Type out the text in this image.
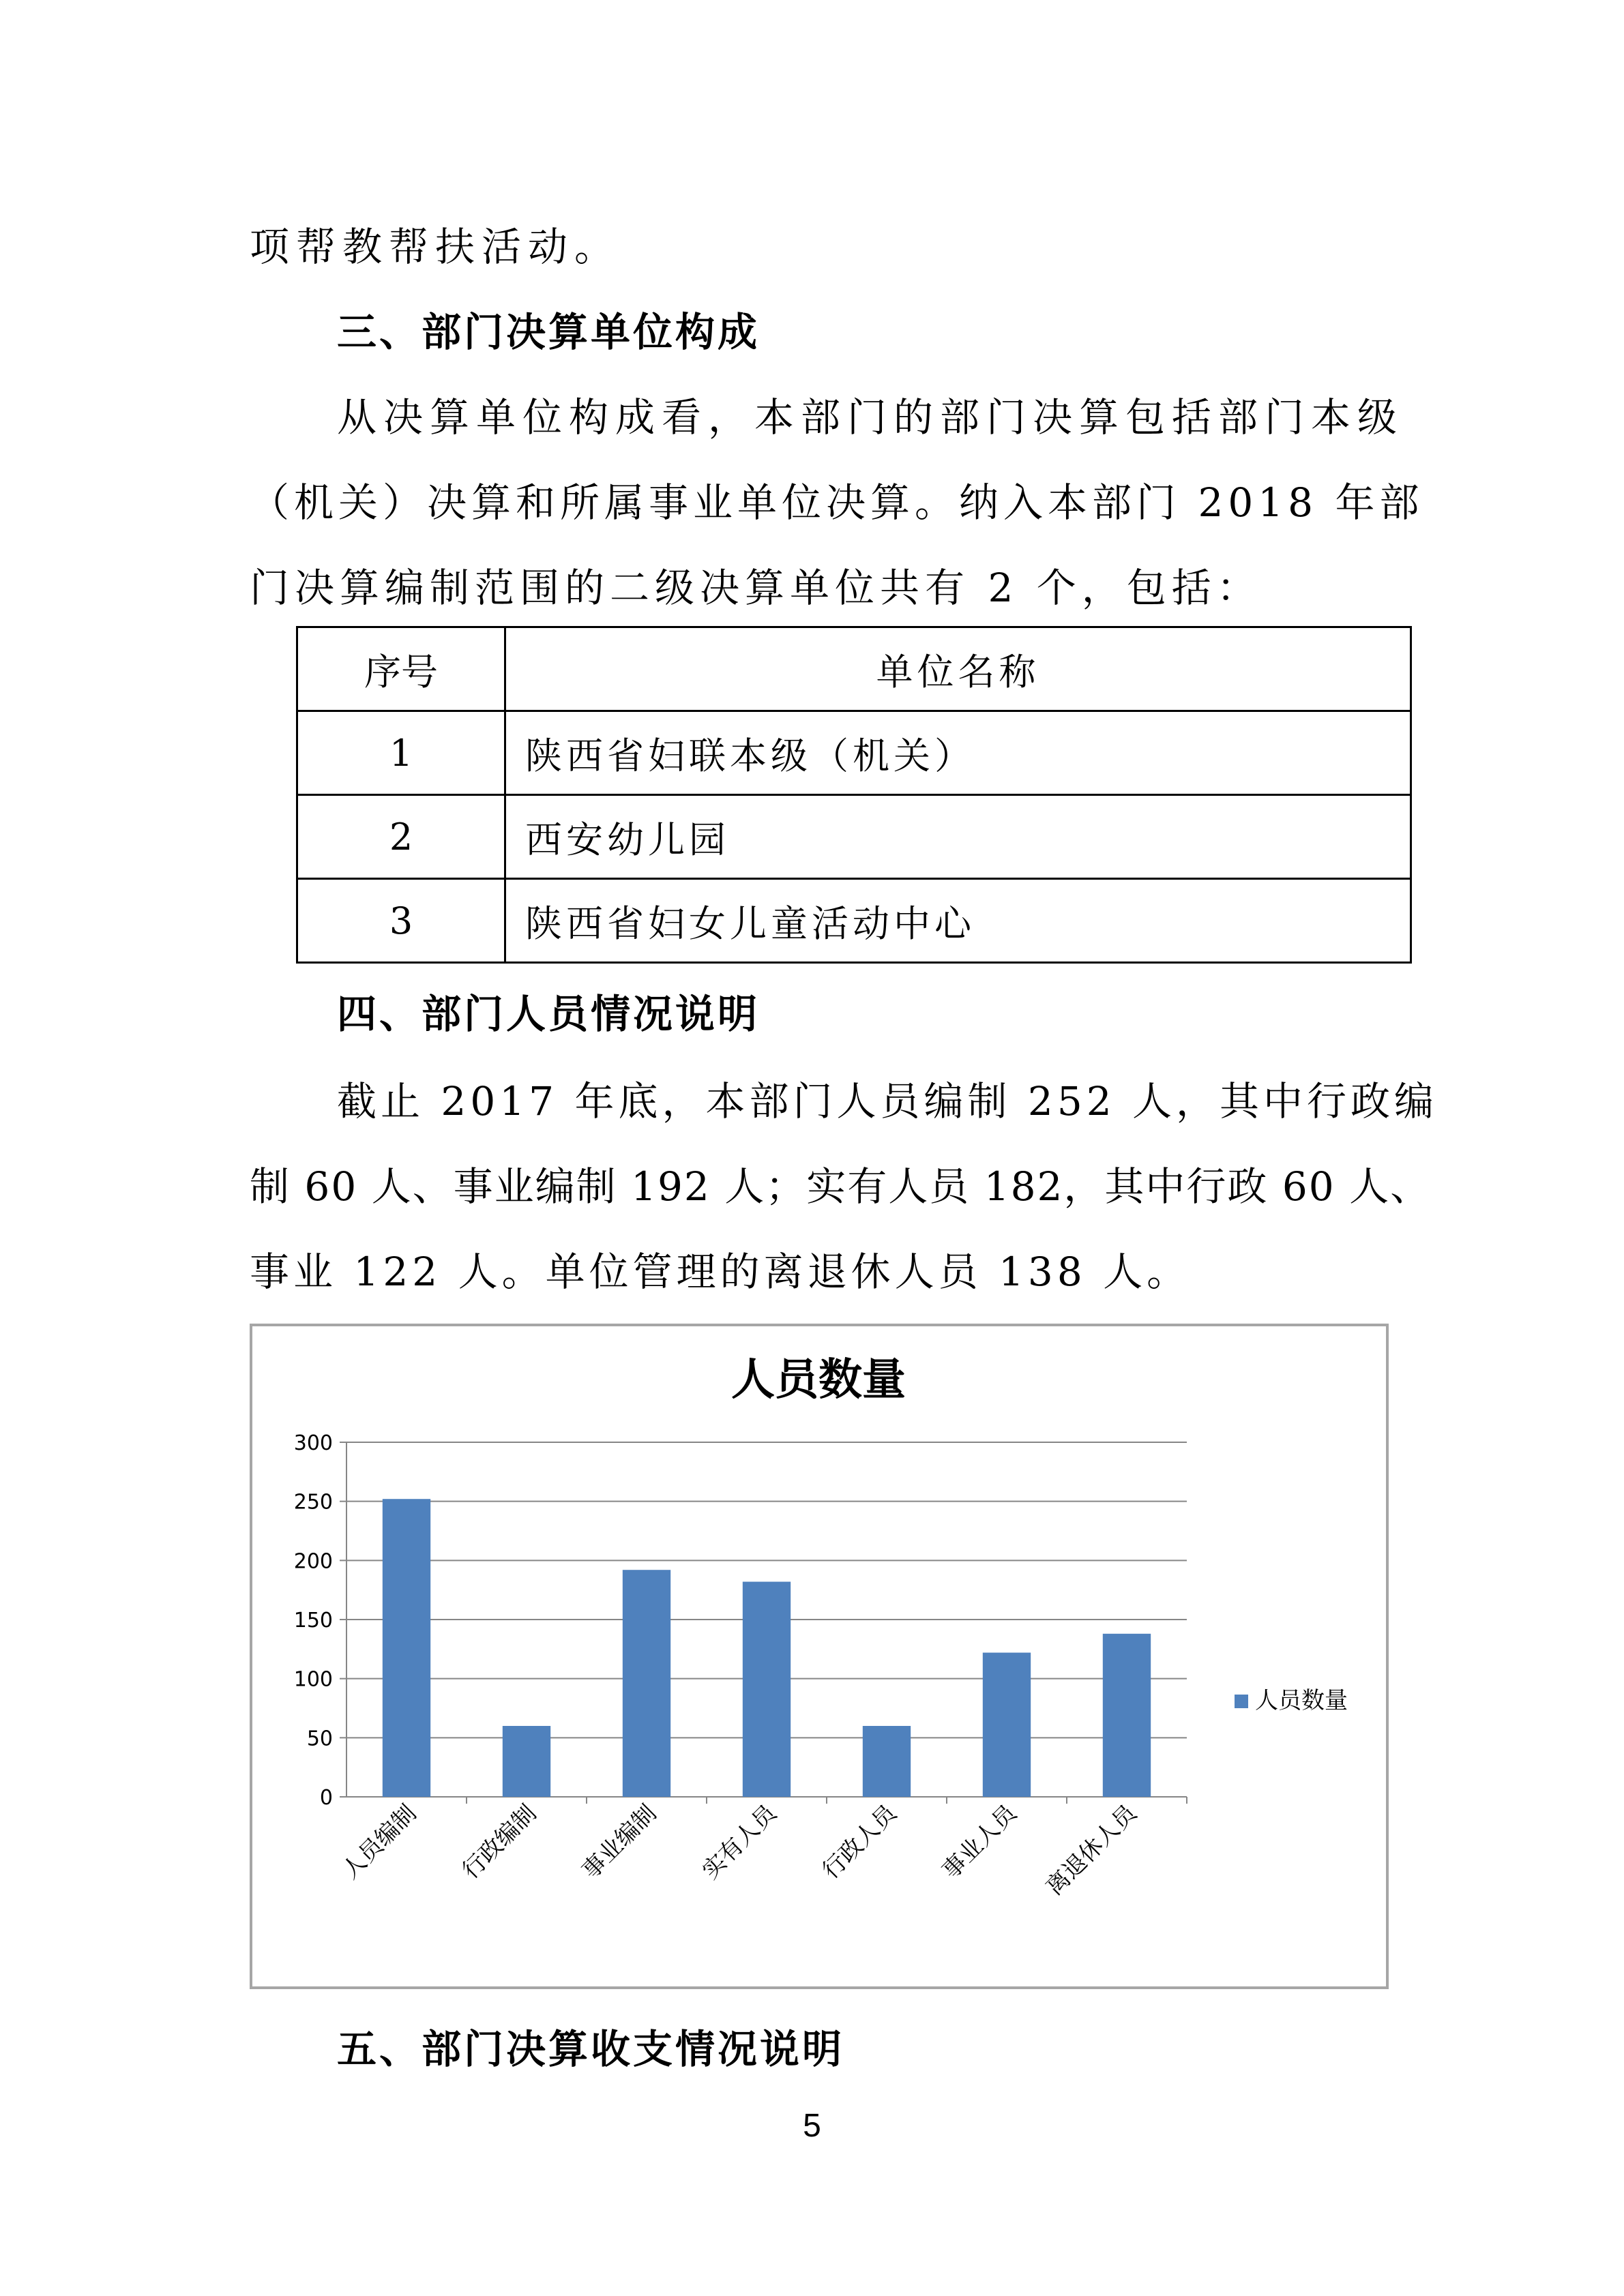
项帮教帮扶活动。
三、部门决算单位构成
从决算单位构成看，本部门的部门决算包括部门本级
（机关）决算和所属事业单位决算。纳入本部门 2018 年部
门决算编制范围的二级决算单位共有 2 个，包括：
序号	单位名称
1	陕西省妇联本级（机关）
2	西安幼儿园
3	陕西省妇女儿童活动中心
四、部门人员情况说明
截止 2017 年底，本部门人员编制 252 人，其中行政编
制 60 人、事业编制 192 人；实有人员 182，其中行政 60 人、
事业 122 人。单位管理的离退休人员 138 人。
人员数量
0
50
100
150
200
250
300
人员编制 行政编制 事业编制 实有人员 行政人员 事业人员 离退休人员
人员数量
五、部门决算收支情况说明
5
